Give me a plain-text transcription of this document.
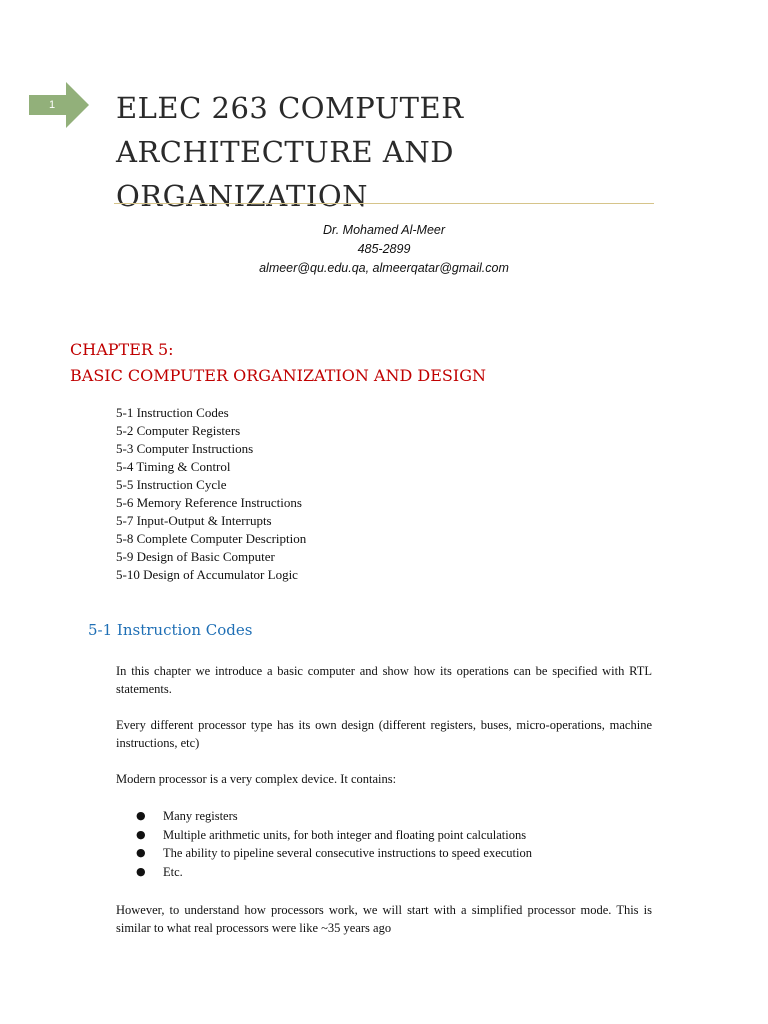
1	ELEC 263 COMPUTER
ARCHITECTURE AND
ORGANIZATION
Dr. Mohamed Al-Meer
485-2899
almeer@qu.edu.qa, almeerqatar@gmail.com
CHAPTER 5:
BASIC COMPUTER ORGANIZATION AND DESIGN
5-1 Instruction Codes
5-2 Computer Registers
5-3 Computer Instructions
5-4 Timing & Control
5-5 Instruction Cycle
5-6 Memory Reference Instructions
5-7 Input-Output & Interrupts
5-8 Complete Computer Description
5-9 Design of Basic Computer
5-10 Design of Accumulator Logic
5-1 Instruction Codes

In this chapter we introduce a basic computer and show how its operations can be specified with RTL statements.

Every different processor type has its own design (different registers, buses, micro-operations, machine instructions, etc)

Modern processor is a very complex device. It contains:

● Many registers
● Multiple arithmetic units, for both integer and floating point calculations
● The ability to pipeline several consecutive instructions to speed execution
● Etc.

However, to understand how processors work, we will start with a simplified processor mode. This is similar to what real processors were like ~35 years ago
